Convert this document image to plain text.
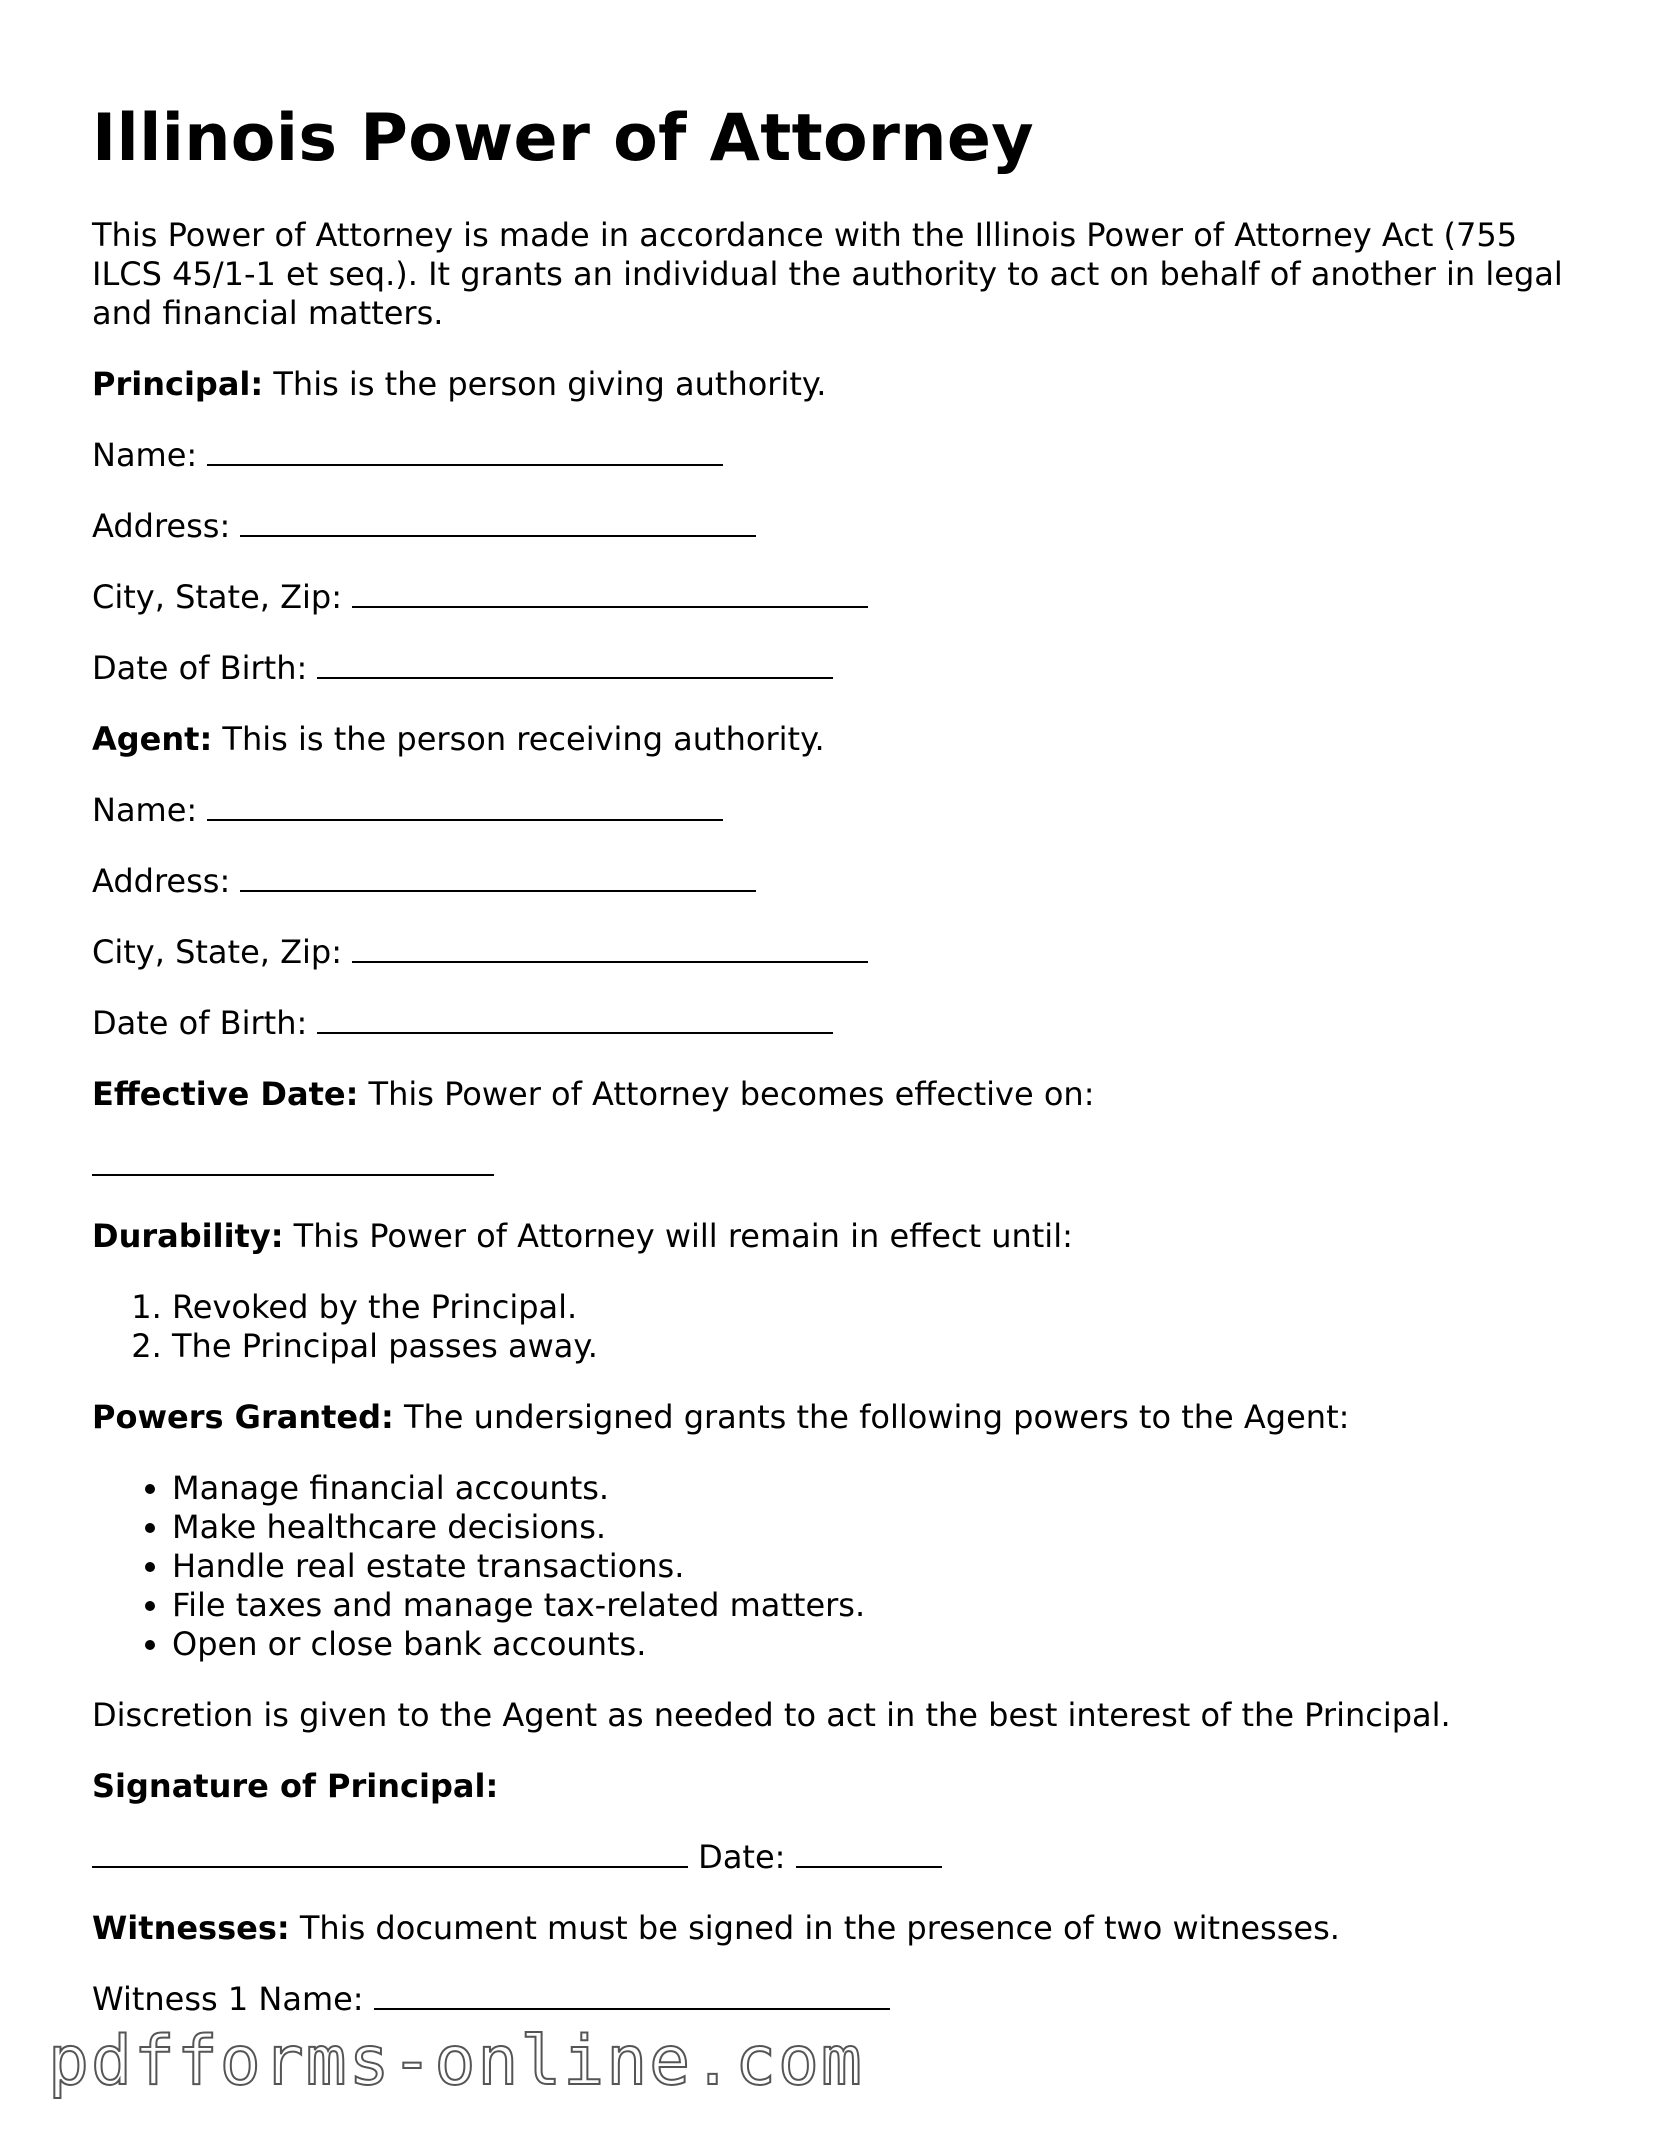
Illinois Power of Attorney

This Power of Attorney is made in accordance with the Illinois Power of Attorney Act (755 ILCS 45/1-1 et seq.). It grants an individual the authority to act on behalf of another in legal and financial matters.

Principal: This is the person giving authority.

Name:

Address:

City, State, Zip:

Date of Birth:

Agent: This is the person receiving authority.

Name:

Address:

City, State, Zip:

Date of Birth:

Effective Date: This Power of Attorney becomes effective on:

Durability: This Power of Attorney will remain in effect until:

1. Revoked by the Principal.
2. The Principal passes away.

Powers Granted: The undersigned grants the following powers to the Agent:

• Manage financial accounts.
• Make healthcare decisions.
• Handle real estate transactions.
• File taxes and manage tax-related matters.
• Open or close bank accounts.

Discretion is given to the Agent as needed to act in the best interest of the Principal.

Signature of Principal:

Date:

Witnesses: This document must be signed in the presence of two witnesses.

Witness 1 Name:

pdfforms-online.com
